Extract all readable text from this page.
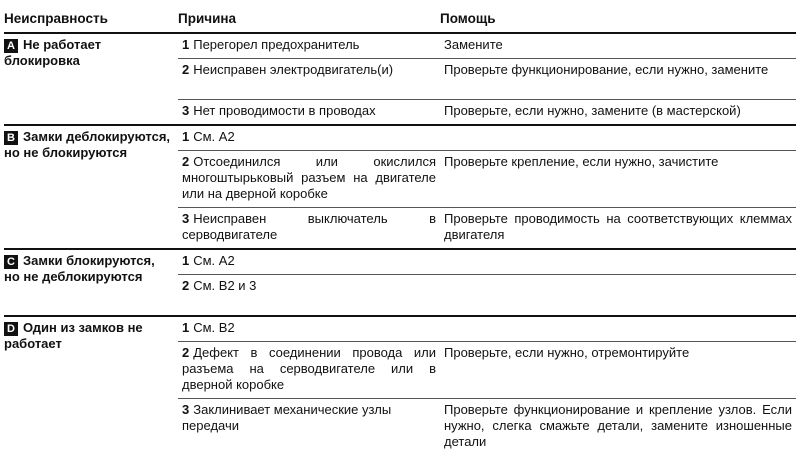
Неисправность	Причина	Помощь
A Не работает блокировка	1 Перегорел предохранитель	Замените
	2 Неисправен электродвигатель(и)	Проверьте функционирование, если нужно, замените
	3 Нет проводимости в проводах	Проверьте, если нужно, замените (в мастерской)
B Замки деблокируются, но не блокируются	1 См. A2	
	2 Отсоединился или окислился многоштырьковый разъем на двигателе или на дверной коробке	Проверьте крепление, если нужно, зачистите
	3 Неисправен выключатель в серводвигателе	Проверьте проводимость на соответствующих клеммах двигателя
C Замки блокируются, но не деблокируются	1 См. A2	
	2 См. B2 и 3	
D Один из замков не работает	1 См. B2	
	2 Дефект в соединении провода или разъема на серводвигателе или в дверной коробке	Проверьте, если нужно, отремонтируйте
	3 Заклинивает механические узлы передачи	Проверьте функционирование и крепление узлов. Если нужно, слегка смажьте детали, замените изношенные детали
